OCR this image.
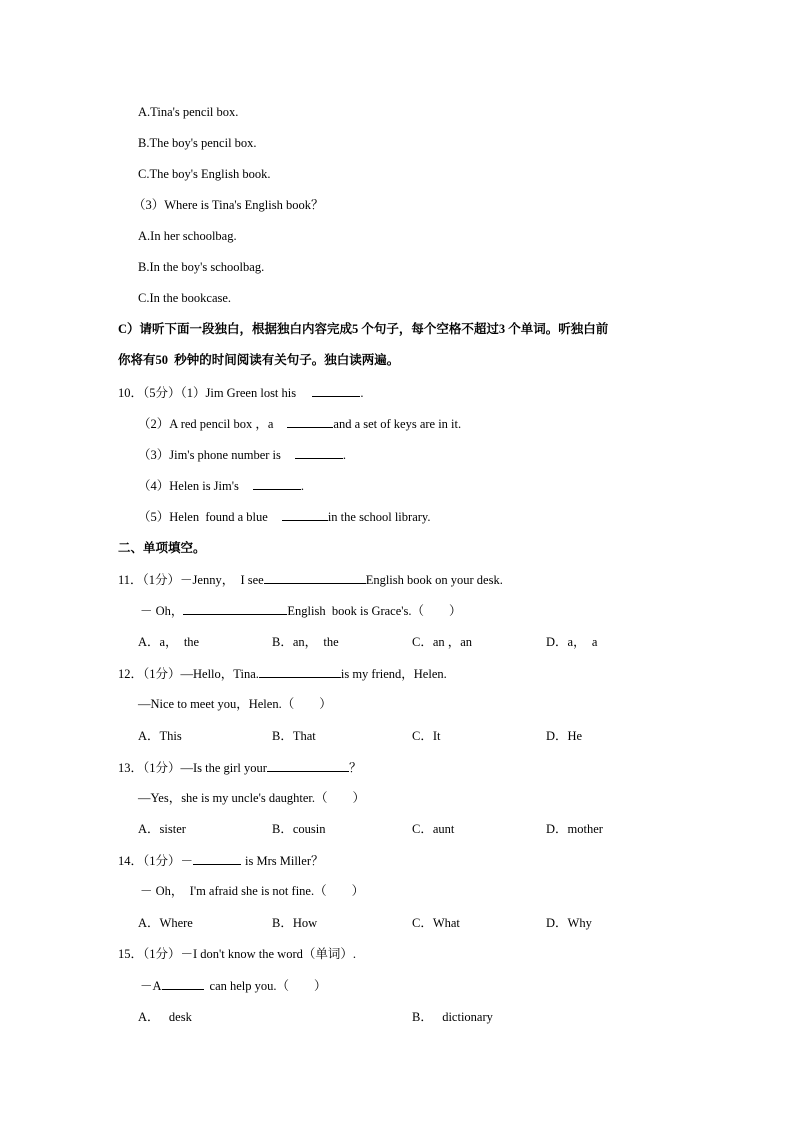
A.Tina's pencil box.
B.The boy's pencil box.
C.The boy's English book.
（3）Where is Tina's English book？
A.In her schoolbag.
B.In the boy's schoolbag.
C.In the bookcase.
C）请听下面一段独白，根据独白内容完成5 个句子，每个空格不超过3 个单词。听独白前
你将有50  秒钟的时间阅读有关句子。独白读两遍。
10．（5分）（1）Jim Green lost his	.
（2）A red pencil box ，a	and a set of keys are in it.
（3）Jim's phone number is	.
（4）Helen is Jim's	.
（5）Helen  found a blue	in the school library.
二、单项填空。
11．（1分）－Jenny，  I see	English book on your desk.
－ Oh，	English  book is Grace's.（        ）
A．a，  the	B．an，  the	C．an ，an	D．a，  a
12．（1分）—Hello，Tina.	is my friend，Helen.
—Nice to meet you，Helen.（        ）
A．This	B．That	C．It	D．He
13．（1分）—Is the girl your	？
—Yes，she is my uncle's daughter.（        ）
A．sister	B．cousin	C．aunt	D．mother
14．（1分）－	is Mrs Miller？
－ Oh，  I'm afraid she is not fine.（        ）
A．Where	B．How	C．What	D．Why
15．（1分）－I don't know the word（单词）.
－A	can help you.（        ）
A．   desk	B．   dictionary
